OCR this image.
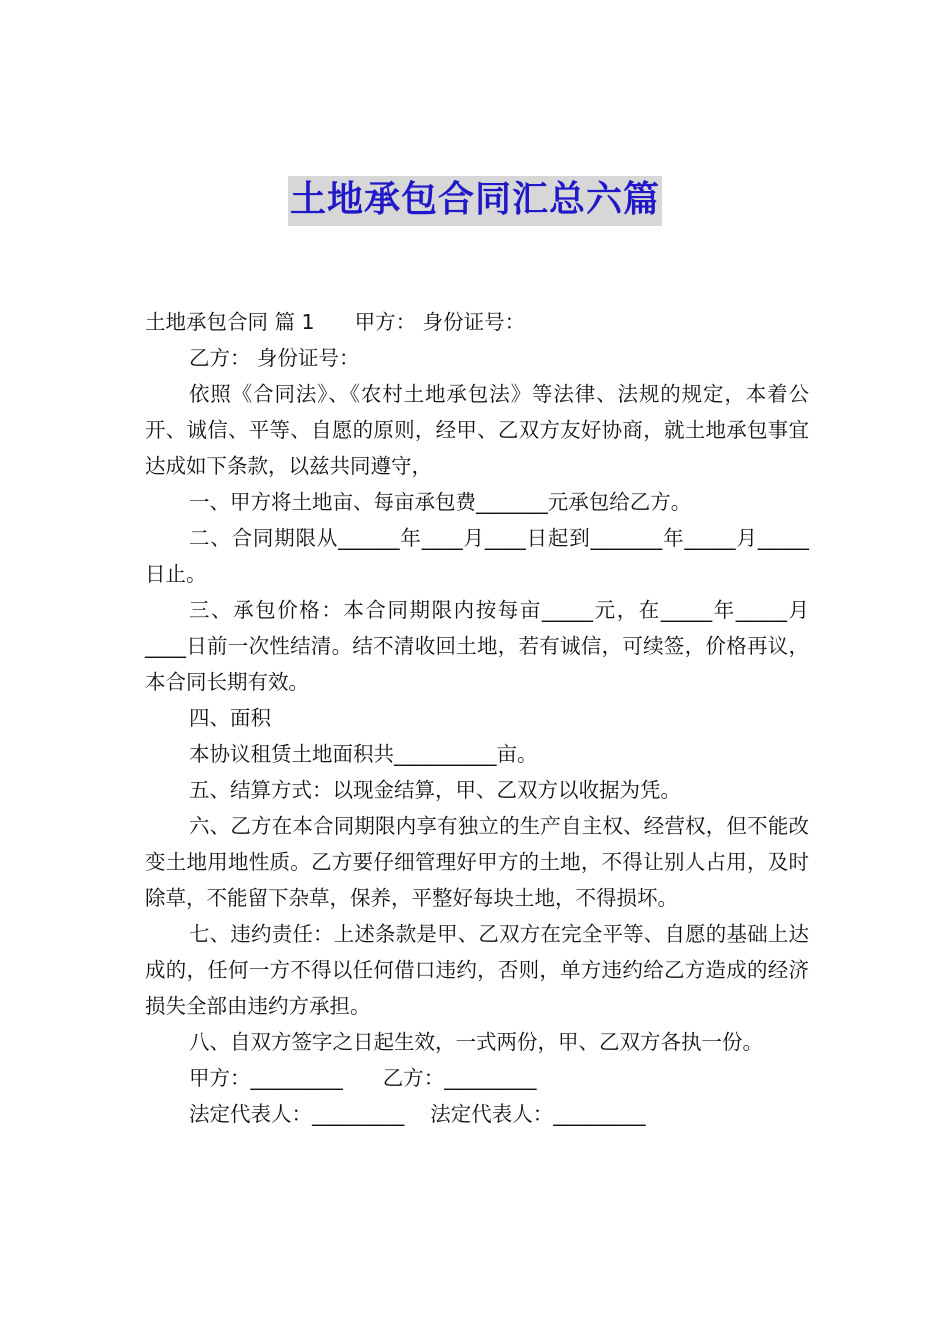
土地承包合同汇总六篇

土地承包合同 篇 1 甲方： 身份证号：

乙方： 身份证号：

依照《合同法》、《农村土地承包法》等法律、法规的规定，本着公开、诚信、平等、自愿的原则，经甲、乙双方友好协商，就土地承包事宜达成如下条款，以兹共同遵守，

一、甲方将土地亩、每亩承包费_______元承包给乙方。

二、合同期限从______年____月____日起到_______年_____月_____日止。

三、承包价格：本合同期限内按每亩_____元，在_____年_____月____日前一次性结清。结不清收回土地，若有诚信，可续签，价格再议，本合同长期有效。

四、面积

本协议租赁土地面积共__________亩。

五、结算方式：以现金结算，甲、乙双方以收据为凭。

六、乙方在本合同期限内享有独立的生产自主权、经营权，但不能改变土地用地性质。乙方要仔细管理好甲方的土地，不得让别人占用，及时除草，不能留下杂草，保养，平整好每块土地，不得损坏。

七、违约责任：上述条款是甲、乙双方在完全平等、自愿的基础上达成的，任何一方不得以任何借口违约，否则，单方违约给乙方造成的经济损失全部由违约方承担。

八、自双方签字之日起生效，一式两份，甲、乙双方各执一份。

甲方：_________ 乙方：_________

法定代表人：_________ 法定代表人：_________
